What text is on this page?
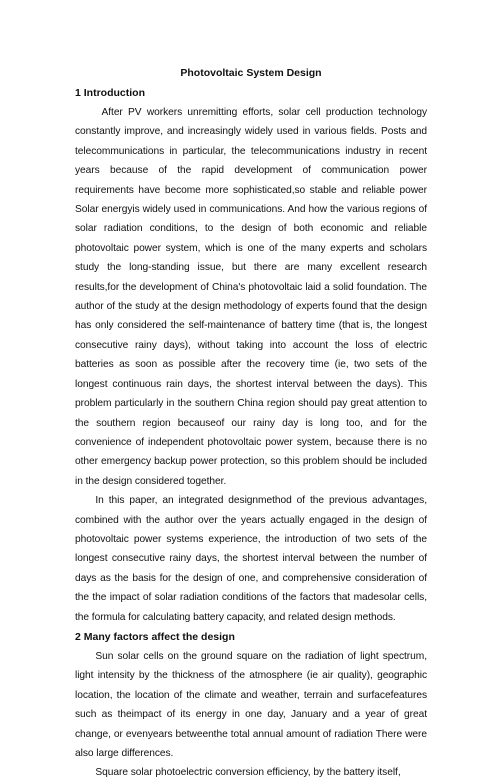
Photovoltaic System Design

1 Introduction

After PV workers unremitting efforts, solar cell production technology constantly improve, and increasingly widely used in various fields. Posts and telecommunications in particular, the telecommunications industry in recent years because of the rapid development of communication power requirements have become more sophisticated,so stable and reliable power Solar energyis widely used in communications. And how the various regions of solar radiation conditions, to the design of both economic and reliable photovoltaic power system, which is one of the many experts and scholars study the long-standing issue, but there are many excellent research results,for the development of China's photovoltaic laid a solid foundation. The author of the study at the design methodology of experts found that the design has only considered the self-maintenance of battery time (that is, the longest consecutive rainy days), without taking into account the loss of electric batteries as soon as possible after the recovery time (ie, two sets of the longest continuous rain days, the shortest interval between the days). This problem particularly in the southern China region should pay great attention to the southern region becauseof our rainy day is long too, and for the convenience of independent photovoltaic power system, because there is no other emergency backup power protection, so this problem should be included in the design considered together.

In this paper, an integrated designmethod of the previous advantages, combined with the author over the years actually engaged in the design of photovoltaic power systems experience, the introduction of two sets of the longest consecutive rainy days, the shortest interval between the number of days as the basis for the design of one, and comprehensive consideration of the the impact of solar radiation conditions of the factors that madesolar cells, the formula for calculating battery capacity, and related design methods.

2 Many factors affect the design

Sun solar cells on the ground square on the radiation of light spectrum, light intensity by the thickness of the atmosphere (ie air quality), geographic location, the location of the climate and weather, terrain and surfacefeatures such as theimpact of its energy in one day, January and a year of great change, or evenyears betweenthe total annual amount of radiation There were also large differences.

Square solar photoelectric conversion efficiency, by the battery itself,
